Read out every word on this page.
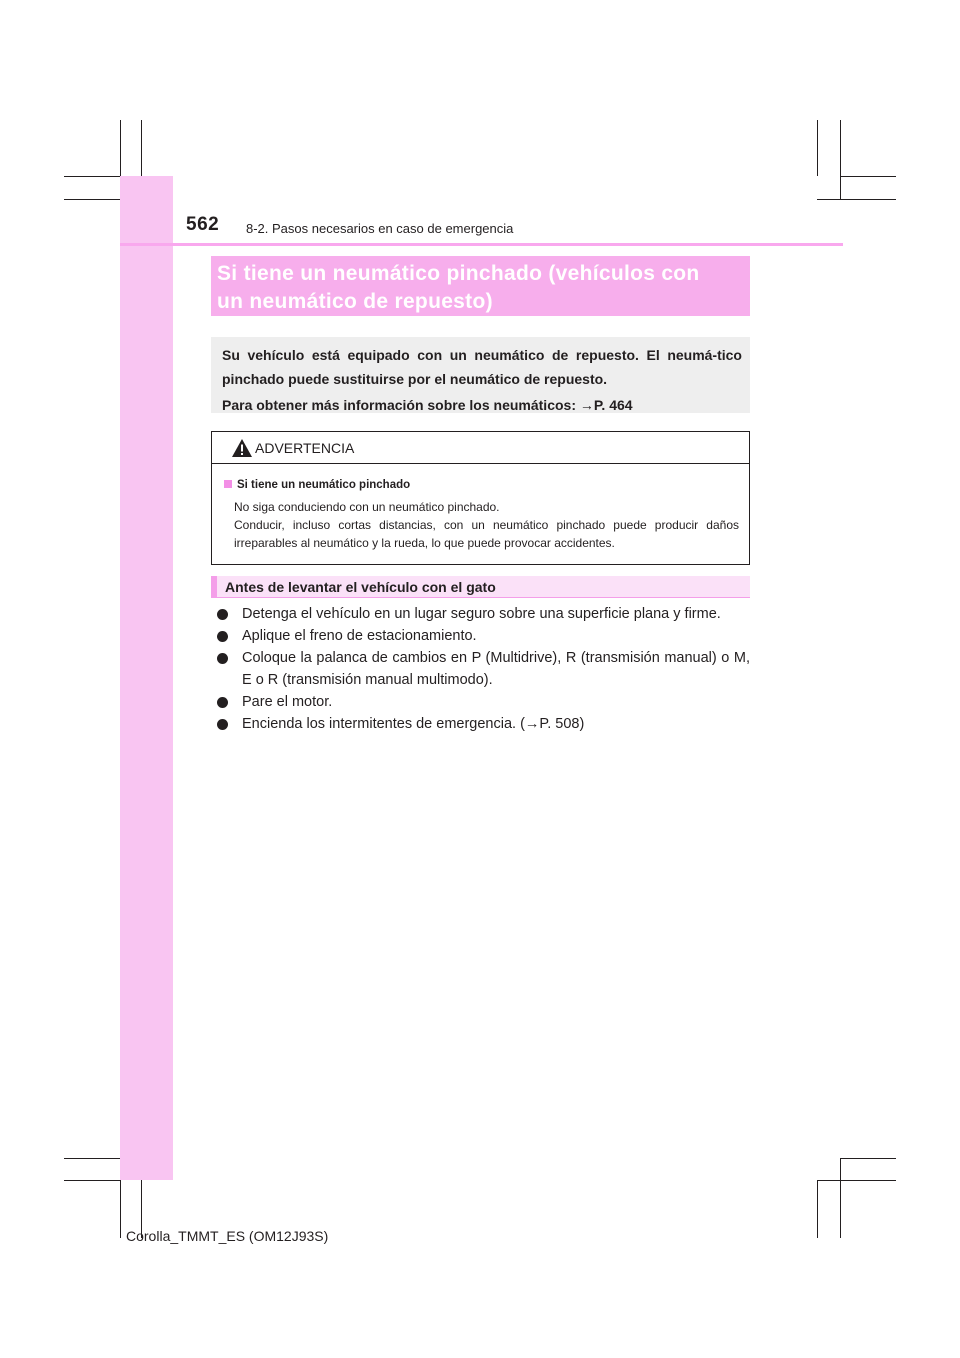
562 8-2. Pasos necesarios en caso de emergencia
Si tiene un neumático pinchado (vehículos con
un neumático de repuesto)

Su vehículo está equipado con un neumático de repuesto. El neumá-tico pinchado puede sustituirse por el neumático de repuesto.

Para obtener más información sobre los neumáticos: →P. 464

ADVERTENCIA
Si tiene un neumático pinchado
No siga conduciendo con un neumático pinchado.
Conducir, incluso cortas distancias, con un neumático pinchado puede producir daños irreparables al neumático y la rueda, lo que puede provocar accidentes.
Antes de levantar el vehículo con el gato
Detenga el vehículo en un lugar seguro sobre una superficie plana y firme.
Aplique el freno de estacionamiento.
Coloque la palanca de cambios en P (Multidrive), R (transmisión manual) o M, E o R (transmisión manual multimodo).
Pare el motor.
Encienda los intermitentes de emergencia. (→P. 508)
Corolla_TMMT_ES (OM12J93S)
